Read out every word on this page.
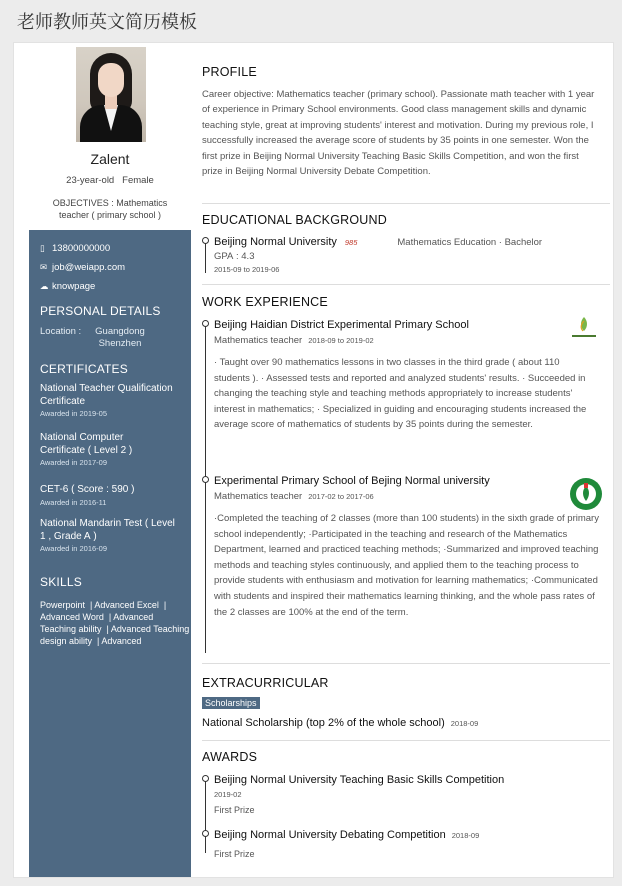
老师教师英文简历模板
Zalent
23-year-old Female
OBJECTIVES : Mathematics teacher ( primary school )
▯ 13800000000
✉ job@weiapp.com
☁ knowpage
PERSONAL DETAILS
Location : Guangdong Shenzhen
CERTIFICATES
National Teacher Qualification Certificate
Awarded in 2019-05
National Computer Certificate ( Level 2 )
Awarded in 2017-09
CET-6 ( Score : 590 )
Awarded in 2016-11
National Mandarin Test ( Level 1 , Grade A )
Awarded in 2016-09
SKILLS
Powerpoint  | Advanced Excel  | Advanced Word  | Advanced Teaching ability  | Advanced Teaching design ability  | Advanced
PROFILE
Career objective: Mathematics teacher (primary school). Passionate math teacher with 1 year of experience in Primary School environments. Good class management skills and dynamic teaching style, great at improving students' interest and motivation. During my previous role, I successfully increased the average score of students by 35 points in one semester. Won the first prize in Beijing Normal University Teaching Basic Skills Competition, and won the first prize in Beijing Normal University Debate Competition.
EDUCATIONAL BACKGROUND
Beijing Normal University 985	Mathematics Education · Bachelor
GPA : 4.3
2015-09 to 2019-06
WORK EXPERIENCE
Beijing Haidian District Experimental Primary School
Mathematics teacher 2018-09 to 2019-02
· Taught over 90 mathematics lessons in two classes in the third grade ( about 110 students ). · Assessed tests and reported and analyzed students' results. · Succeeded in changing the teaching style and teaching methods appropriately to increase students' interest in mathematics; · Specialized in guiding and encouraging students increased the average score of mathematics of students by 35 points during the semester.
Experimental Primary School of Bejing Normal university
Mathematics teacher 2017-02 to 2017-06
·Completed the teaching of 2 classes (more than 100 students) in the sixth grade of primary school independently; ·Participated in the teaching and research of the Mathematics Department, learned and practiced teaching methods; ·Summarized and improved teaching methods and teaching styles continuously, and applied them to the teaching process to provide students with enthusiasm and motivation for learning mathematics; ·Communicated with students and inspired their mathematics learning thinking, and the whole pass rates of the 2 classes are 100% at the end of the term.
EXTRACURRICULAR
Scholarships
National Scholarship (top 2% of the whole school) 2018-09
AWARDS
Beijing Normal University Teaching Basic Skills Competition
2019-02
First Prize
Beijing Normal University Debating Competition 2018-09
First Prize
